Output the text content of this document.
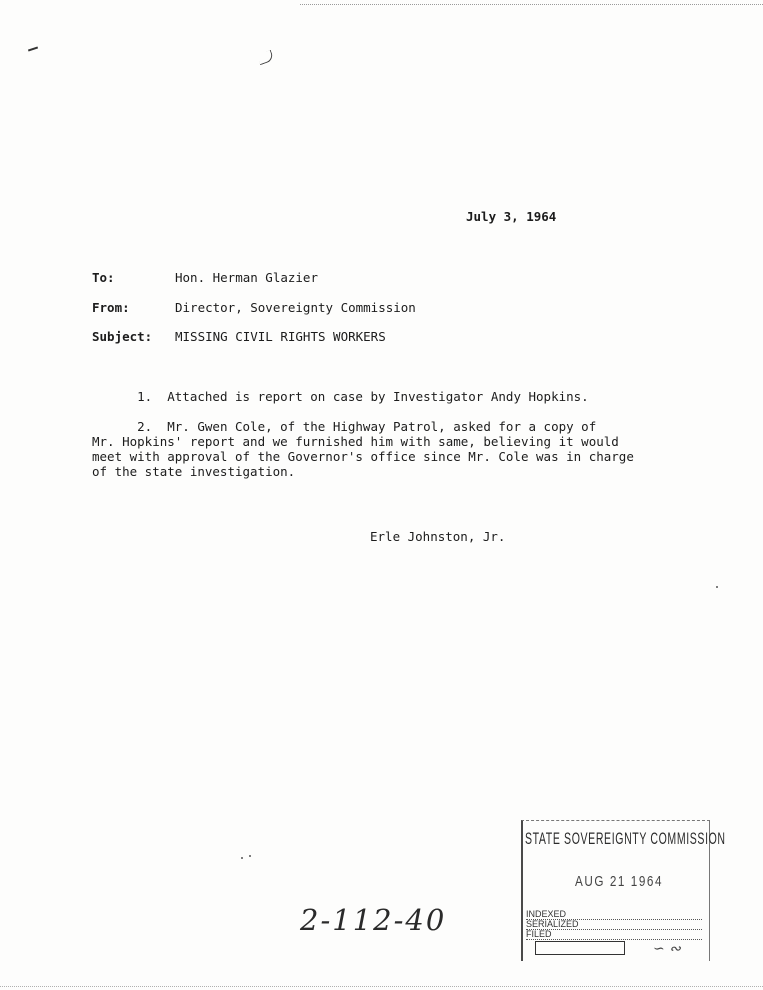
July 3, 1964
To:	Hon. Herman Glazier
From:	Director, Sovereignty Commission
Subject: MISSING CIVIL RIGHTS WORKERS
1.  Attached is report on case by Investigator Andy Hopkins.
2.  Mr. Gwen Cole, of the Highway Patrol, asked for a copy of
Mr. Hopkins' report and we furnished him with same, believing it would
meet with approval of the Governor's office since Mr. Cole was in charge
of the state investigation.
Erle Johnston, Jr.
2-112-40
STATE SOVEREIGNTY COMMISSION
AUG 21 1964
INDEXED
SERIALIZED
FILED
∽ ∾
